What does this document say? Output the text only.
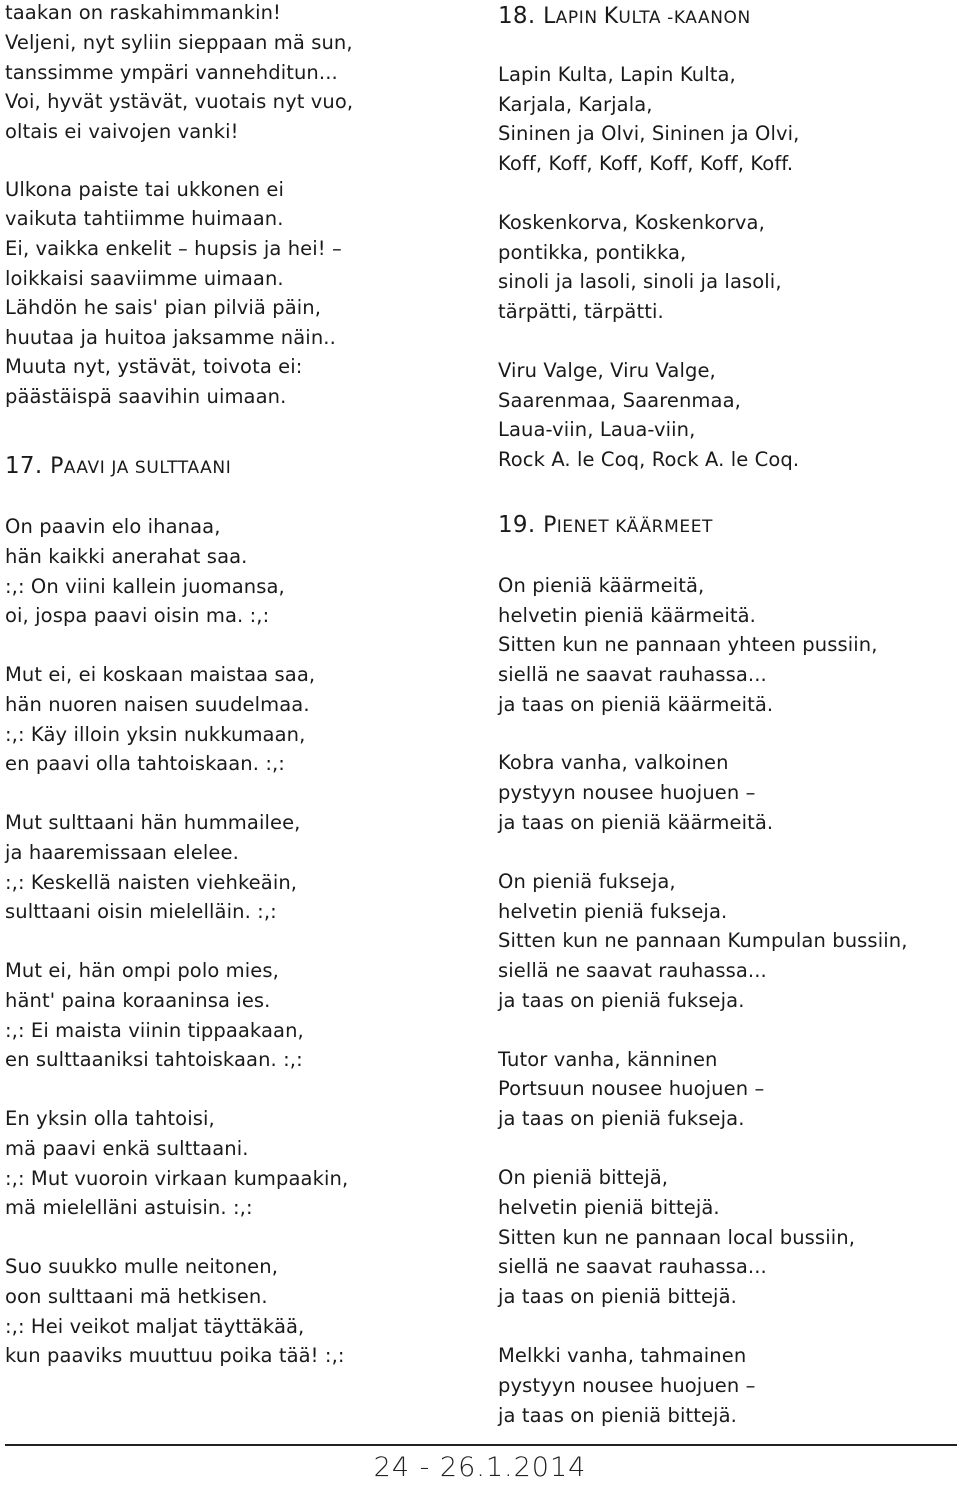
taakan on raskahimmankin!
Veljeni, nyt syliin sieppaan mä sun,
tanssimme ympäri vannehditun...
Voi, hyvät ystävät, vuotais nyt vuo,
oltais ei vaivojen vanki!
Ulkona paiste tai ukkonen ei
vaikuta tahtiimme huimaan.
Ei, vaikka enkelit – hupsis ja hei! –
loikkaisi saaviimme uimaan.
Lähdön he sais' pian pilviä päin,
huutaa ja huitoa jaksamme näin..
Muuta nyt, ystävät, toivota ei:
päästäispä saavihin uimaan.
17. PAAVI JA SULTTAANI
On paavin elo ihanaa,
hän kaikki anerahat saa.
:,: On viini kallein juomansa,
oi, jospa paavi oisin ma. :,:
Mut ei, ei koskaan maistaa saa,
hän nuoren naisen suudelmaa.
:,: Käy illoin yksin nukkumaan,
en paavi olla tahtoiskaan. :,:
Mut sulttaani hän hummailee,
ja haaremissaan elelee.
:,: Keskellä naisten viehkeäin,
sulttaani oisin mielelläin. :,:
Mut ei, hän ompi polo mies,
hänt' paina koraaninsa ies.
:,: Ei maista viinin tippaakaan,
en sulttaaniksi tahtoiskaan. :,:
En yksin olla tahtoisi,
mä paavi enkä sulttaani.
:,: Mut vuoroin virkaan kumpaakin,
mä mielelläni astuisin. :,:
Suo suukko mulle neitonen,
oon sulttaani mä hetkisen.
:,: Hei veikot maljat täyttäkää,
kun paaviks muuttuu poika tää! :,:
18. LAPIN KULTA -KAANON
Lapin Kulta, Lapin Kulta,
Karjala, Karjala,
Sininen ja Olvi, Sininen ja Olvi,
Koff, Koff, Koff, Koff, Koff, Koff.
Koskenkorva, Koskenkorva,
pontikka, pontikka,
sinoli ja lasoli, sinoli ja lasoli,
tärpätti, tärpätti.
Viru Valge, Viru Valge,
Saarenmaa, Saarenmaa,
Laua-viin, Laua-viin,
Rock A. le Coq, Rock A. le Coq.
19. PIENET KÄÄRMEET
On pieniä käärmeitä,
helvetin pieniä käärmeitä.
Sitten kun ne pannaan yhteen pussiin,
siellä ne saavat rauhassa...
ja taas on pieniä käärmeitä.
Kobra vanha, valkoinen
pystyyn nousee huojuen –
ja taas on pieniä käärmeitä.
On pieniä fukseja,
helvetin pieniä fukseja.
Sitten kun ne pannaan Kumpulan bussiin,
siellä ne saavat rauhassa...
ja taas on pieniä fukseja.
Tutor vanha, känninen
Portsuun nousee huojuen –
ja taas on pieniä fukseja.
On pieniä bittejä,
helvetin pieniä bittejä.
Sitten kun ne pannaan local bussiin,
siellä ne saavat rauhassa...
ja taas on pieniä bittejä.
Melkki vanha, tahmainen
pystyyn nousee huojuen –
ja taas on pieniä bittejä.
24 - 26.1.2014
